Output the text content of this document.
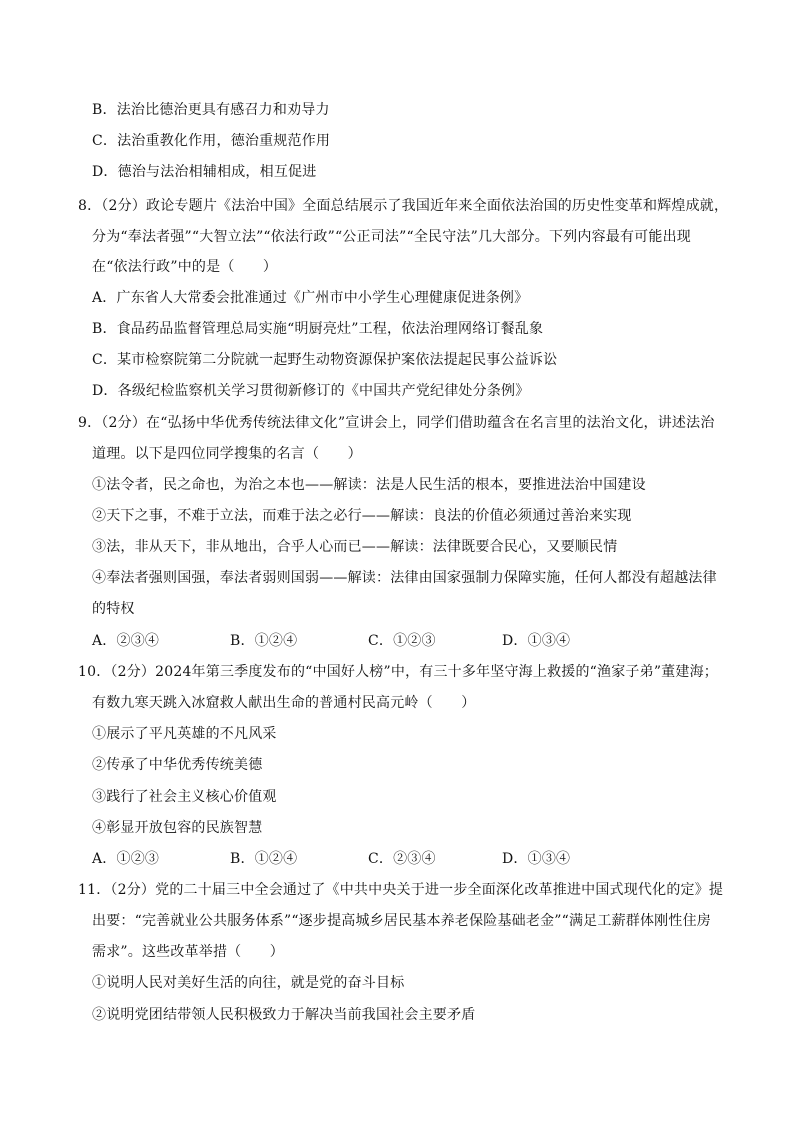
B．法治比德治更具有感召力和劝导力
C．法治重教化作用，德治重规范作用
D．德治与法治相辅相成，相互促进
8．（2分）政论专题片《法治中国》全面总结展示了我国近年来全面依法治国的历史性变革和辉煌成就，
分为“奉法者强”“大智立法”“依法行政”“公正司法”“全民守法”几大部分。下列内容最有可能出现
在“依法行政”中的是（　　）
A．广东省人大常委会批准通过《广州市中小学生心理健康促进条例》
B．食品药品监督管理总局实施“明厨亮灶”工程，依法治理网络订餐乱象
C．某市检察院第二分院就一起野生动物资源保护案依法提起民事公益诉讼
D．各级纪检监察机关学习贯彻新修订的《中国共产党纪律处分条例》
9．（2分）在“弘扬中华优秀传统法律文化”宣讲会上，同学们借助蕴含在名言里的法治文化，讲述法治
道理。以下是四位同学搜集的名言（　　）
①法令者，民之命也，为治之本也——解读：法是人民生活的根本，要推进法治中国建设
②天下之事，不难于立法，而难于法之必行——解读：良法的价值必须通过善治来实现
③法，非从天下，非从地出，合乎人心而已——解读：法律既要合民心，又要顺民情
④奉法者强则国强，奉法者弱则国弱——解读：法律由国家强制力保障实施，任何人都没有超越法律
的特权
A．②③④	B．①②④	C．①②③	D．①③④
10．（2分）2024年第三季度发布的“中国好人榜”中，有三十多年坚守海上救援的“渔家子弟”董建海；
有数九寒天跳入冰窟救人献出生命的普通村民高元岭（　　）
①展示了平凡英雄的不凡风采
②传承了中华优秀传统美德
③践行了社会主义核心价值观
④彰显开放包容的民族智慧
A．①②③	B．①②④	C．②③④	D．①③④
11．（2分）党的二十届三中全会通过了《中共中央关于进一步全面深化改革推进中国式现代化的定》提
出要：“完善就业公共服务体系”“逐步提高城乡居民基本养老保险基础老金”“满足工薪群体刚性住房
需求”。这些改革举措（　　）
①说明人民对美好生活的向往，就是党的奋斗目标
②说明党团结带领人民积极致力于解决当前我国社会主要矛盾
